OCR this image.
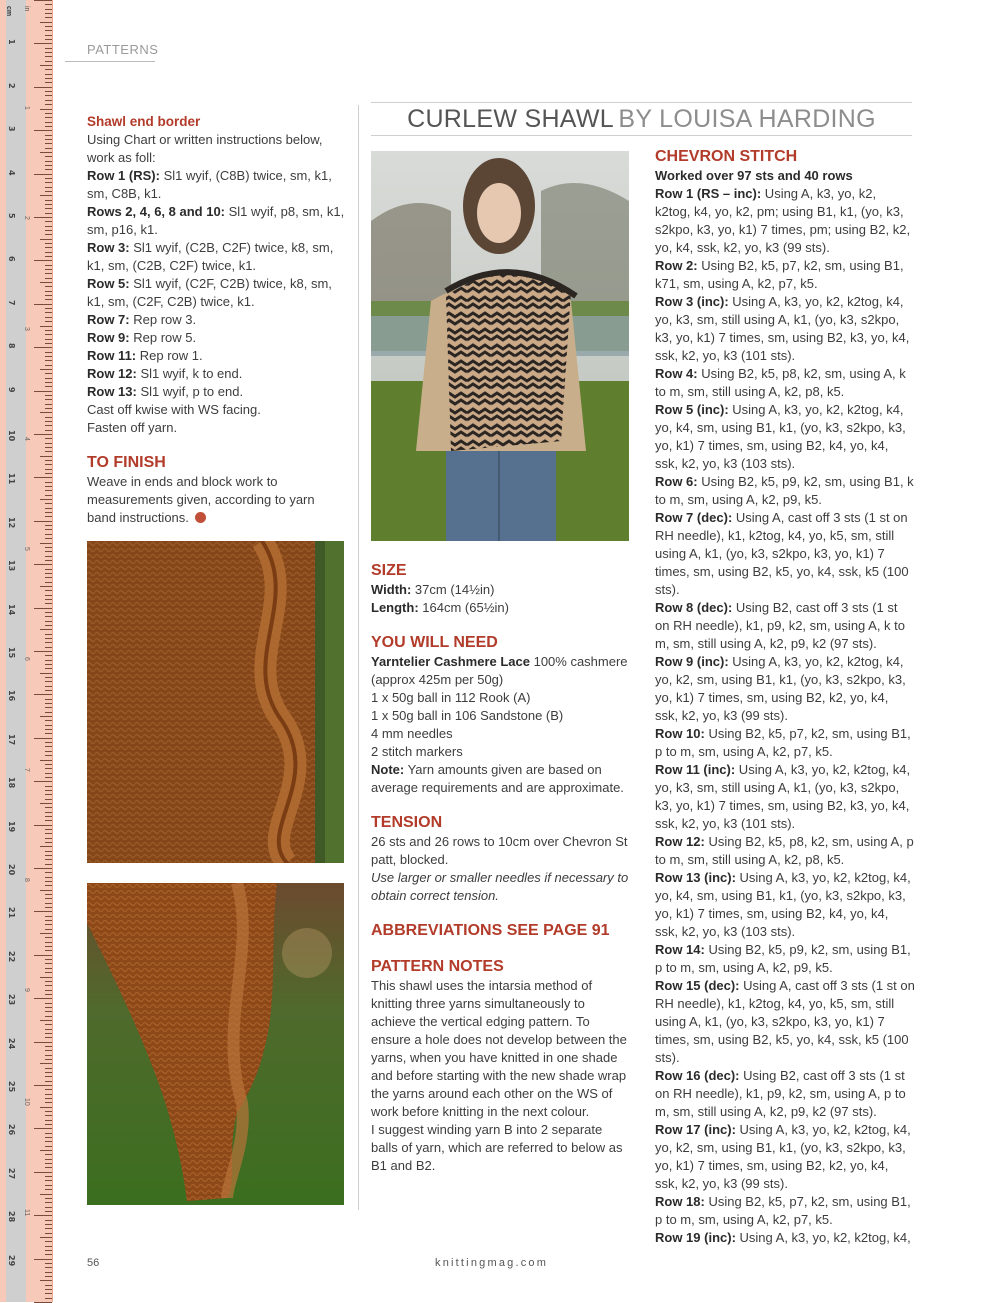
cm in
1
2
3
4
5
6
7
8
9
10
11
12
13
14
15
16
17
18
19
20
21
22
23
24
25
26
27
28
29
1
2
3
4
5
6
7
8
9
10
11
PATTERNS
CURLEW SHAWL BY LOUISA HARDING

Shawl end border

Using Chart or written instructions below, work as foll:

Row 1 (RS): Sl1 wyif, (C8B) twice, sm, k1, sm, C8B, k1.

Rows 2, 4, 6, 8 and 10: Sl1 wyif, p8, sm, k1, sm, p16, k1.

Row 3: Sl1 wyif, (C2B, C2F) twice, k8, sm, k1, sm, (C2B, C2F) twice, k1.

Row 5: Sl1 wyif, (C2F, C2B) twice, k8, sm, k1, sm, (C2F, C2B) twice, k1.

Row 7: Rep row 3.

Row 9: Rep row 5.

Row 11: Rep row 1.

Row 12: Sl1 wyif, k to end.

Row 13: Sl1 wyif, p to end.

Cast off kwise with WS facing.

Fasten off yarn.

TO FINISH

Weave in ends and block work to measurements given, according to yarn band instructions.

SIZE

Width: 37cm (14½in)

Length: 164cm (65½in)

YOU WILL NEED

Yarntelier Cashmere Lace 100% cashmere (approx 425m per 50g)

1 x 50g ball in 112 Rook (A)

1 x 50g ball in 106 Sandstone (B)

4 mm needles

2 stitch markers

Note: Yarn amounts given are based on average requirements and are approximate.

TENSION

26 sts and 26 rows to 10cm over Chevron St patt, blocked.

Use larger or smaller needles if necessary to obtain correct tension.

ABBREVIATIONS SEE PAGE 91

PATTERN NOTES

This shawl uses the intarsia method of knitting three yarns simultaneously to achieve the vertical edging pattern. To ensure a hole does not develop between the yarns, when you have knitted in one shade and before starting with the new shade wrap the yarns around each other on the WS of work before knitting in the next colour.

I suggest winding yarn B into 2 separate balls of yarn, which are referred to below as B1 and B2.

CHEVRON STITCH

Worked over 97 sts and 40 rows

Row 1 (RS – inc): Using A, k3, yo, k2, k2tog, k4, yo, k2, pm; using B1, k1, (yo, k3, s2kpo, k3, yo, k1) 7 times, pm; using B2, k2, yo, k4, ssk, k2, yo, k3 (99 sts).

Row 2: Using B2, k5, p7, k2, sm, using B1, k71, sm, using A, k2, p7, k5.

Row 3 (inc): Using A, k3, yo, k2, k2tog, k4, yo, k3, sm, still using A, k1, (yo, k3, s2kpo, k3, yo, k1) 7 times, sm, using B2, k3, yo, k4, ssk, k2, yo, k3 (101 sts).

Row 4: Using B2, k5, p8, k2, sm, using A, k to m, sm, still using A, k2, p8, k5.

Row 5 (inc): Using A, k3, yo, k2, k2tog, k4, yo, k4, sm, using B1, k1, (yo, k3, s2kpo, k3, yo, k1) 7 times, sm, using B2, k4, yo, k4, ssk, k2, yo, k3 (103 sts).

Row 6: Using B2, k5, p9, k2, sm, using B1, k to m, sm, using A, k2, p9, k5.

Row 7 (dec): Using A, cast off 3 sts (1 st on RH needle), k1, k2tog, k4, yo, k5, sm, still using A, k1, (yo, k3, s2kpo, k3, yo, k1) 7 times, sm, using B2, k5, yo, k4, ssk, k5 (100 sts).

Row 8 (dec): Using B2, cast off 3 sts (1 st on RH needle), k1, p9, k2, sm, using A, k to m, sm, still using A, k2, p9, k2 (97 sts).

Row 9 (inc): Using A, k3, yo, k2, k2tog, k4, yo, k2, sm, using B1, k1, (yo, k3, s2kpo, k3, yo, k1) 7 times, sm, using B2, k2, yo, k4, ssk, k2, yo, k3 (99 sts).

Row 10: Using B2, k5, p7, k2, sm, using B1, p to m, sm, using A, k2, p7, k5.

Row 11 (inc): Using A, k3, yo, k2, k2tog, k4, yo, k3, sm, still using A, k1, (yo, k3, s2kpo, k3, yo, k1) 7 times, sm, using B2, k3, yo, k4, ssk, k2, yo, k3 (101 sts).

Row 12: Using B2, k5, p8, k2, sm, using A, p to m, sm, still using A, k2, p8, k5.

Row 13 (inc): Using A, k3, yo, k2, k2tog, k4, yo, k4, sm, using B1, k1, (yo, k3, s2kpo, k3, yo, k1) 7 times, sm, using B2, k4, yo, k4, ssk, k2, yo, k3 (103 sts).

Row 14: Using B2, k5, p9, k2, sm, using B1, p to m, sm, using A, k2, p9, k5.

Row 15 (dec): Using A, cast off 3 sts (1 st on RH needle), k1, k2tog, k4, yo, k5, sm, still using A, k1, (yo, k3, s2kpo, k3, yo, k1) 7 times, sm, using B2, k5, yo, k4, ssk, k5 (100 sts).

Row 16 (dec): Using B2, cast off 3 sts (1 st on RH needle), k1, p9, k2, sm, using A, p to m, sm, still using A, k2, p9, k2 (97 sts).

Row 17 (inc): Using A, k3, yo, k2, k2tog, k4, yo, k2, sm, using B1, k1, (yo, k3, s2kpo, k3, yo, k1) 7 times, sm, using B2, k2, yo, k4, ssk, k2, yo, k3 (99 sts).

Row 18: Using B2, k5, p7, k2, sm, using B1, p to m, sm, using A, k2, p7, k5.

Row 19 (inc): Using A, k3, yo, k2, k2tog, k4,

56	knittingmag.com
